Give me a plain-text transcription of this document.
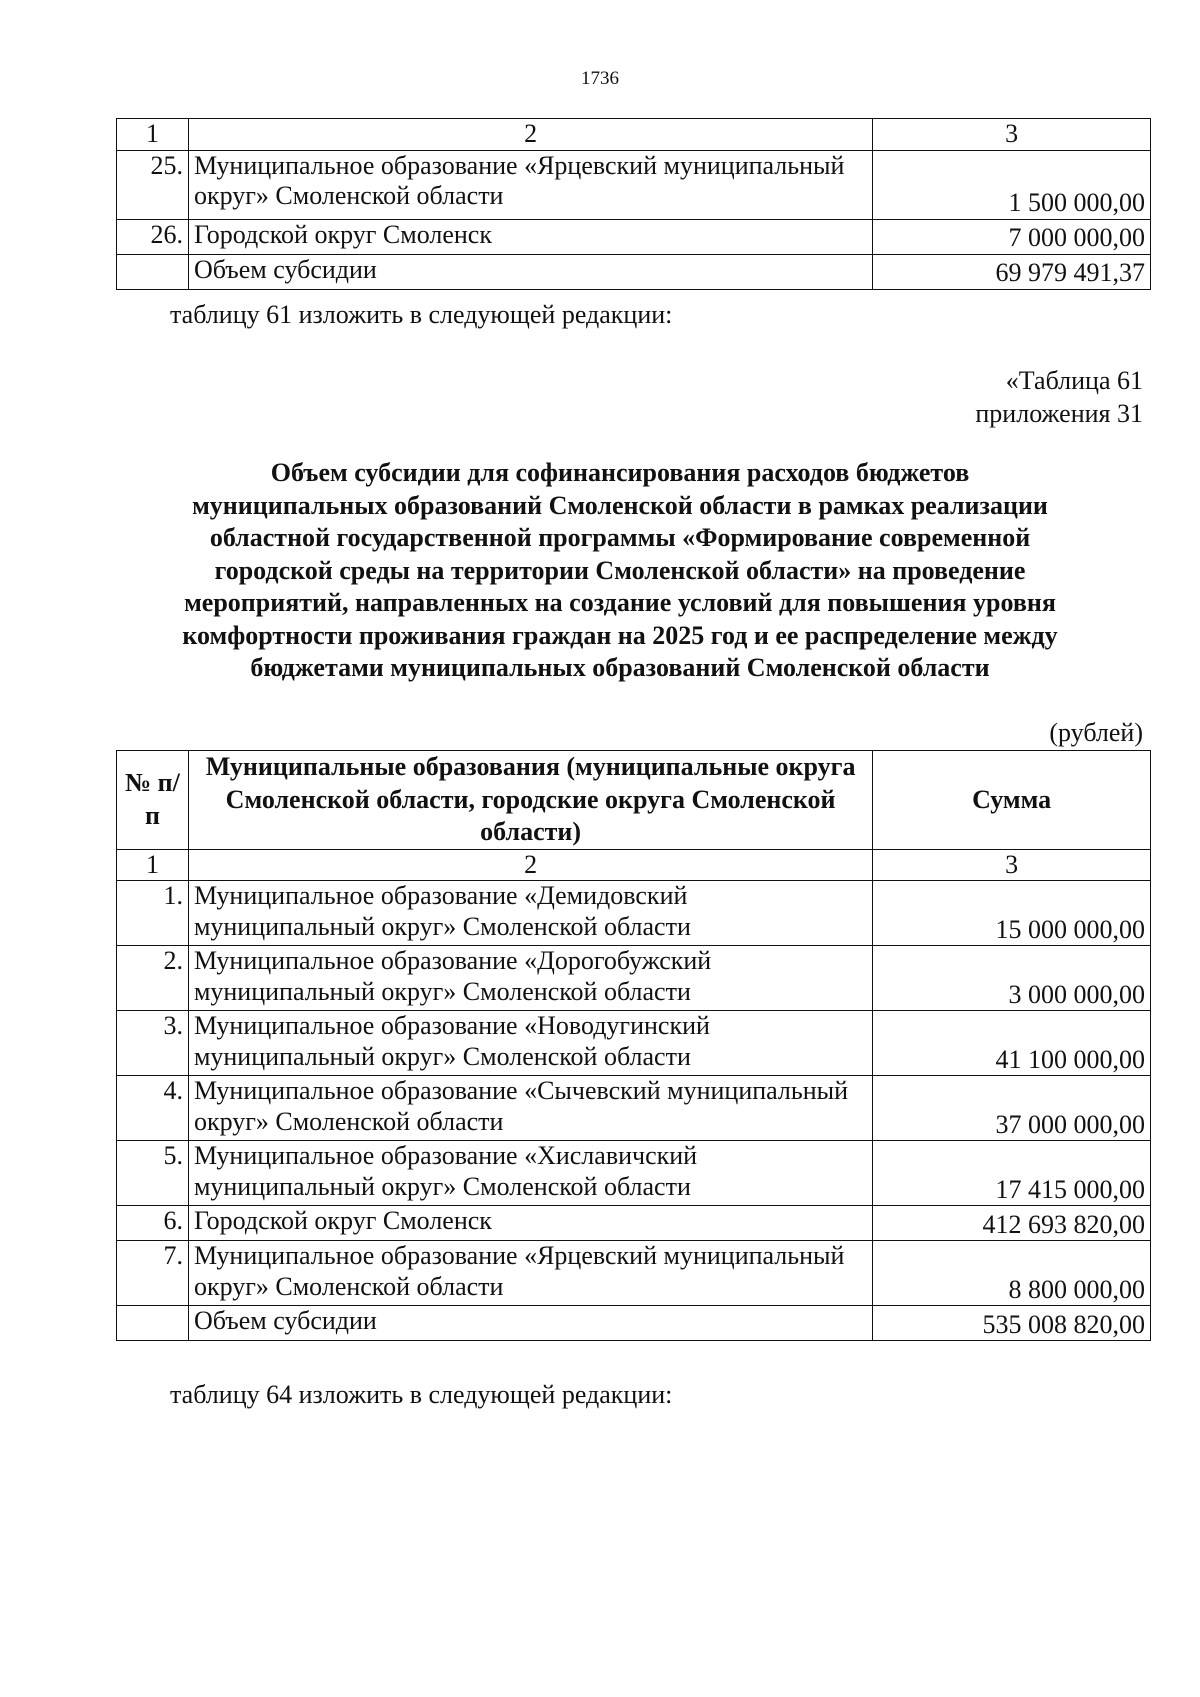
1736
1	2	3
25.	Муниципальное образование «Ярцевский муниципальный округ» Смоленской области	1 500 000,00
26.	Городской округ Смоленск	7 000 000,00
	Объем субсидии	69 979 491,37
таблицу 61 изложить в следующей редакции:
«Таблица 61
приложения 31
Объем субсидии для софинансирования расходов бюджетов
муниципальных образований Смоленской области в рамках реализации
областной государственной программы «Формирование современной
городской среды на территории Смоленской области» на проведение
мероприятий, направленных на создание условий для повышения уровня
комфортности проживания граждан на 2025 год и ее распределение между
бюджетами муниципальных образований Смоленской области
(рублей)
№ п/п	Муниципальные образования (муниципальные округа Смоленской области, городские округа Смоленской области)	Сумма
1	2	3
1.	Муниципальное образование «Демидовский муниципальный округ» Смоленской области	15 000 000,00
2.	Муниципальное образование «Дорогобужский муниципальный округ» Смоленской области	3 000 000,00
3.	Муниципальное образование «Новодугинский муниципальный округ» Смоленской области	41 100 000,00
4.	Муниципальное образование «Сычевский муниципальный округ» Смоленской области	37 000 000,00
5.	Муниципальное образование «Хиславичский муниципальный округ» Смоленской области	17 415 000,00
6.	Городской округ Смоленск	412 693 820,00
7.	Муниципальное образование «Ярцевский муниципальный округ» Смоленской области	8 800 000,00
	Объем субсидии	535 008 820,00
таблицу 64 изложить в следующей редакции:
